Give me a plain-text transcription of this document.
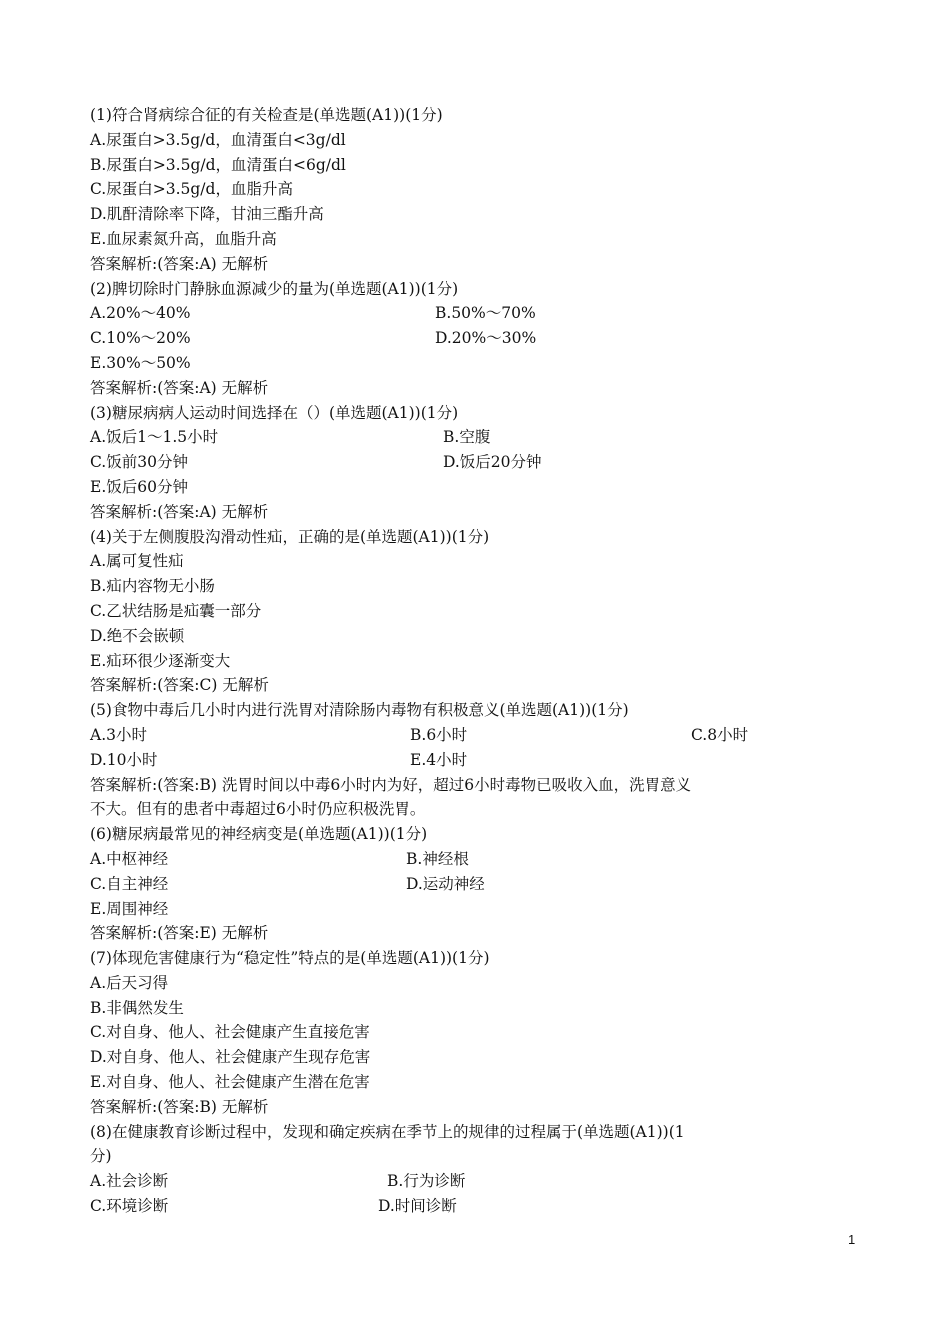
(1)符合肾病综合征的有关检查是(单选题(A1))(1分)
A.尿蛋白>3.5g/d，血清蛋白<3g/dl
B.尿蛋白>3.5g/d，血清蛋白<6g/dl
C.尿蛋白>3.5g/d，血脂升高
D.肌酐清除率下降，甘油三酯升高
E.血尿素氮升高，血脂升高
答案解析:(答案:A) 无解析
(2)脾切除时门静脉血源减少的量为(单选题(A1))(1分)
A.20%～40%	B.50%～70%
C.10%～20%	D.20%～30%
E.30%～50%
答案解析:(答案:A) 无解析
(3)糖尿病病人运动时间选择在（）(单选题(A1))(1分)
A.饭后1～1.5小时	B.空腹
C.饭前30分钟	D.饭后20分钟
E.饭后60分钟
答案解析:(答案:A) 无解析
(4)关于左侧腹股沟滑动性疝，正确的是(单选题(A1))(1分)
A.属可复性疝
B.疝内容物无小肠
C.乙状结肠是疝囊一部分
D.绝不会嵌顿
E.疝环很少逐渐变大
答案解析:(答案:C) 无解析
(5)食物中毒后几小时内进行洗胃对清除肠内毒物有积极意义(单选题(A1))(1分)
A.3小时	B.6小时	C.8小时
D.10小时	E.4小时
答案解析:(答案:B) 洗胃时间以中毒6小时内为好，超过6小时毒物已吸收入血，洗胃意义
不大。但有的患者中毒超过6小时仍应积极洗胃。
(6)糖尿病最常见的神经病变是(单选题(A1))(1分)
A.中枢神经	B.神经根
C.自主神经	D.运动神经
E.周围神经
答案解析:(答案:E) 无解析
(7)体现危害健康行为“稳定性”特点的是(单选题(A1))(1分)
A.后天习得
B.非偶然发生
C.对自身、他人、社会健康产生直接危害
D.对自身、他人、社会健康产生现存危害
E.对自身、他人、社会健康产生潜在危害
答案解析:(答案:B) 无解析
(8)在健康教育诊断过程中，发现和确定疾病在季节上的规律的过程属于(单选题(A1))(1
分)
A.社会诊断	B.行为诊断
C.环境诊断	D.时间诊断
1
